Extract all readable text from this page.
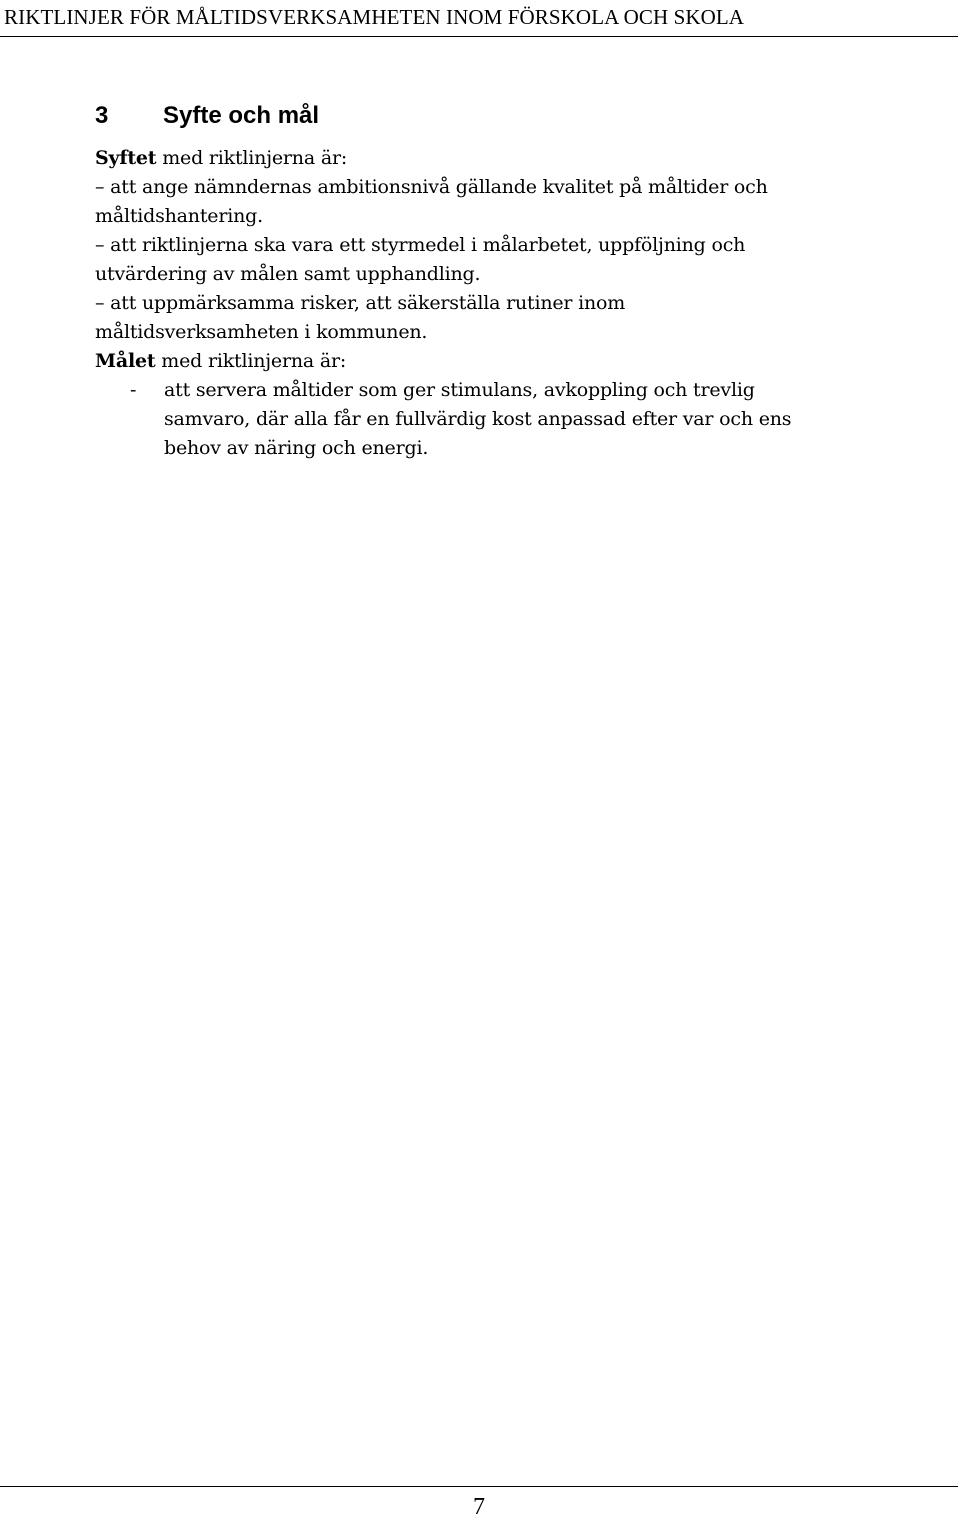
RIKTLINJER FÖR MÅLTIDSVERKSAMHETEN INOM FÖRSKOLA OCH SKOLA
3 Syfte och mål
Syftet med riktlinjerna är:
– att ange nämndernas ambitionsnivå gällande kvalitet på måltider och
måltidshantering.
– att riktlinjerna ska vara ett styrmedel i målarbetet, uppföljning och
utvärdering av målen samt upphandling.
– att uppmärksamma risker, att säkerställa rutiner inom
måltidsverksamheten i kommunen.
Målet med riktlinjerna är:
- att servera måltider som ger stimulans, avkoppling och trevlig
samvaro, där alla får en fullvärdig kost anpassad efter var och ens
behov av näring och energi.
7
